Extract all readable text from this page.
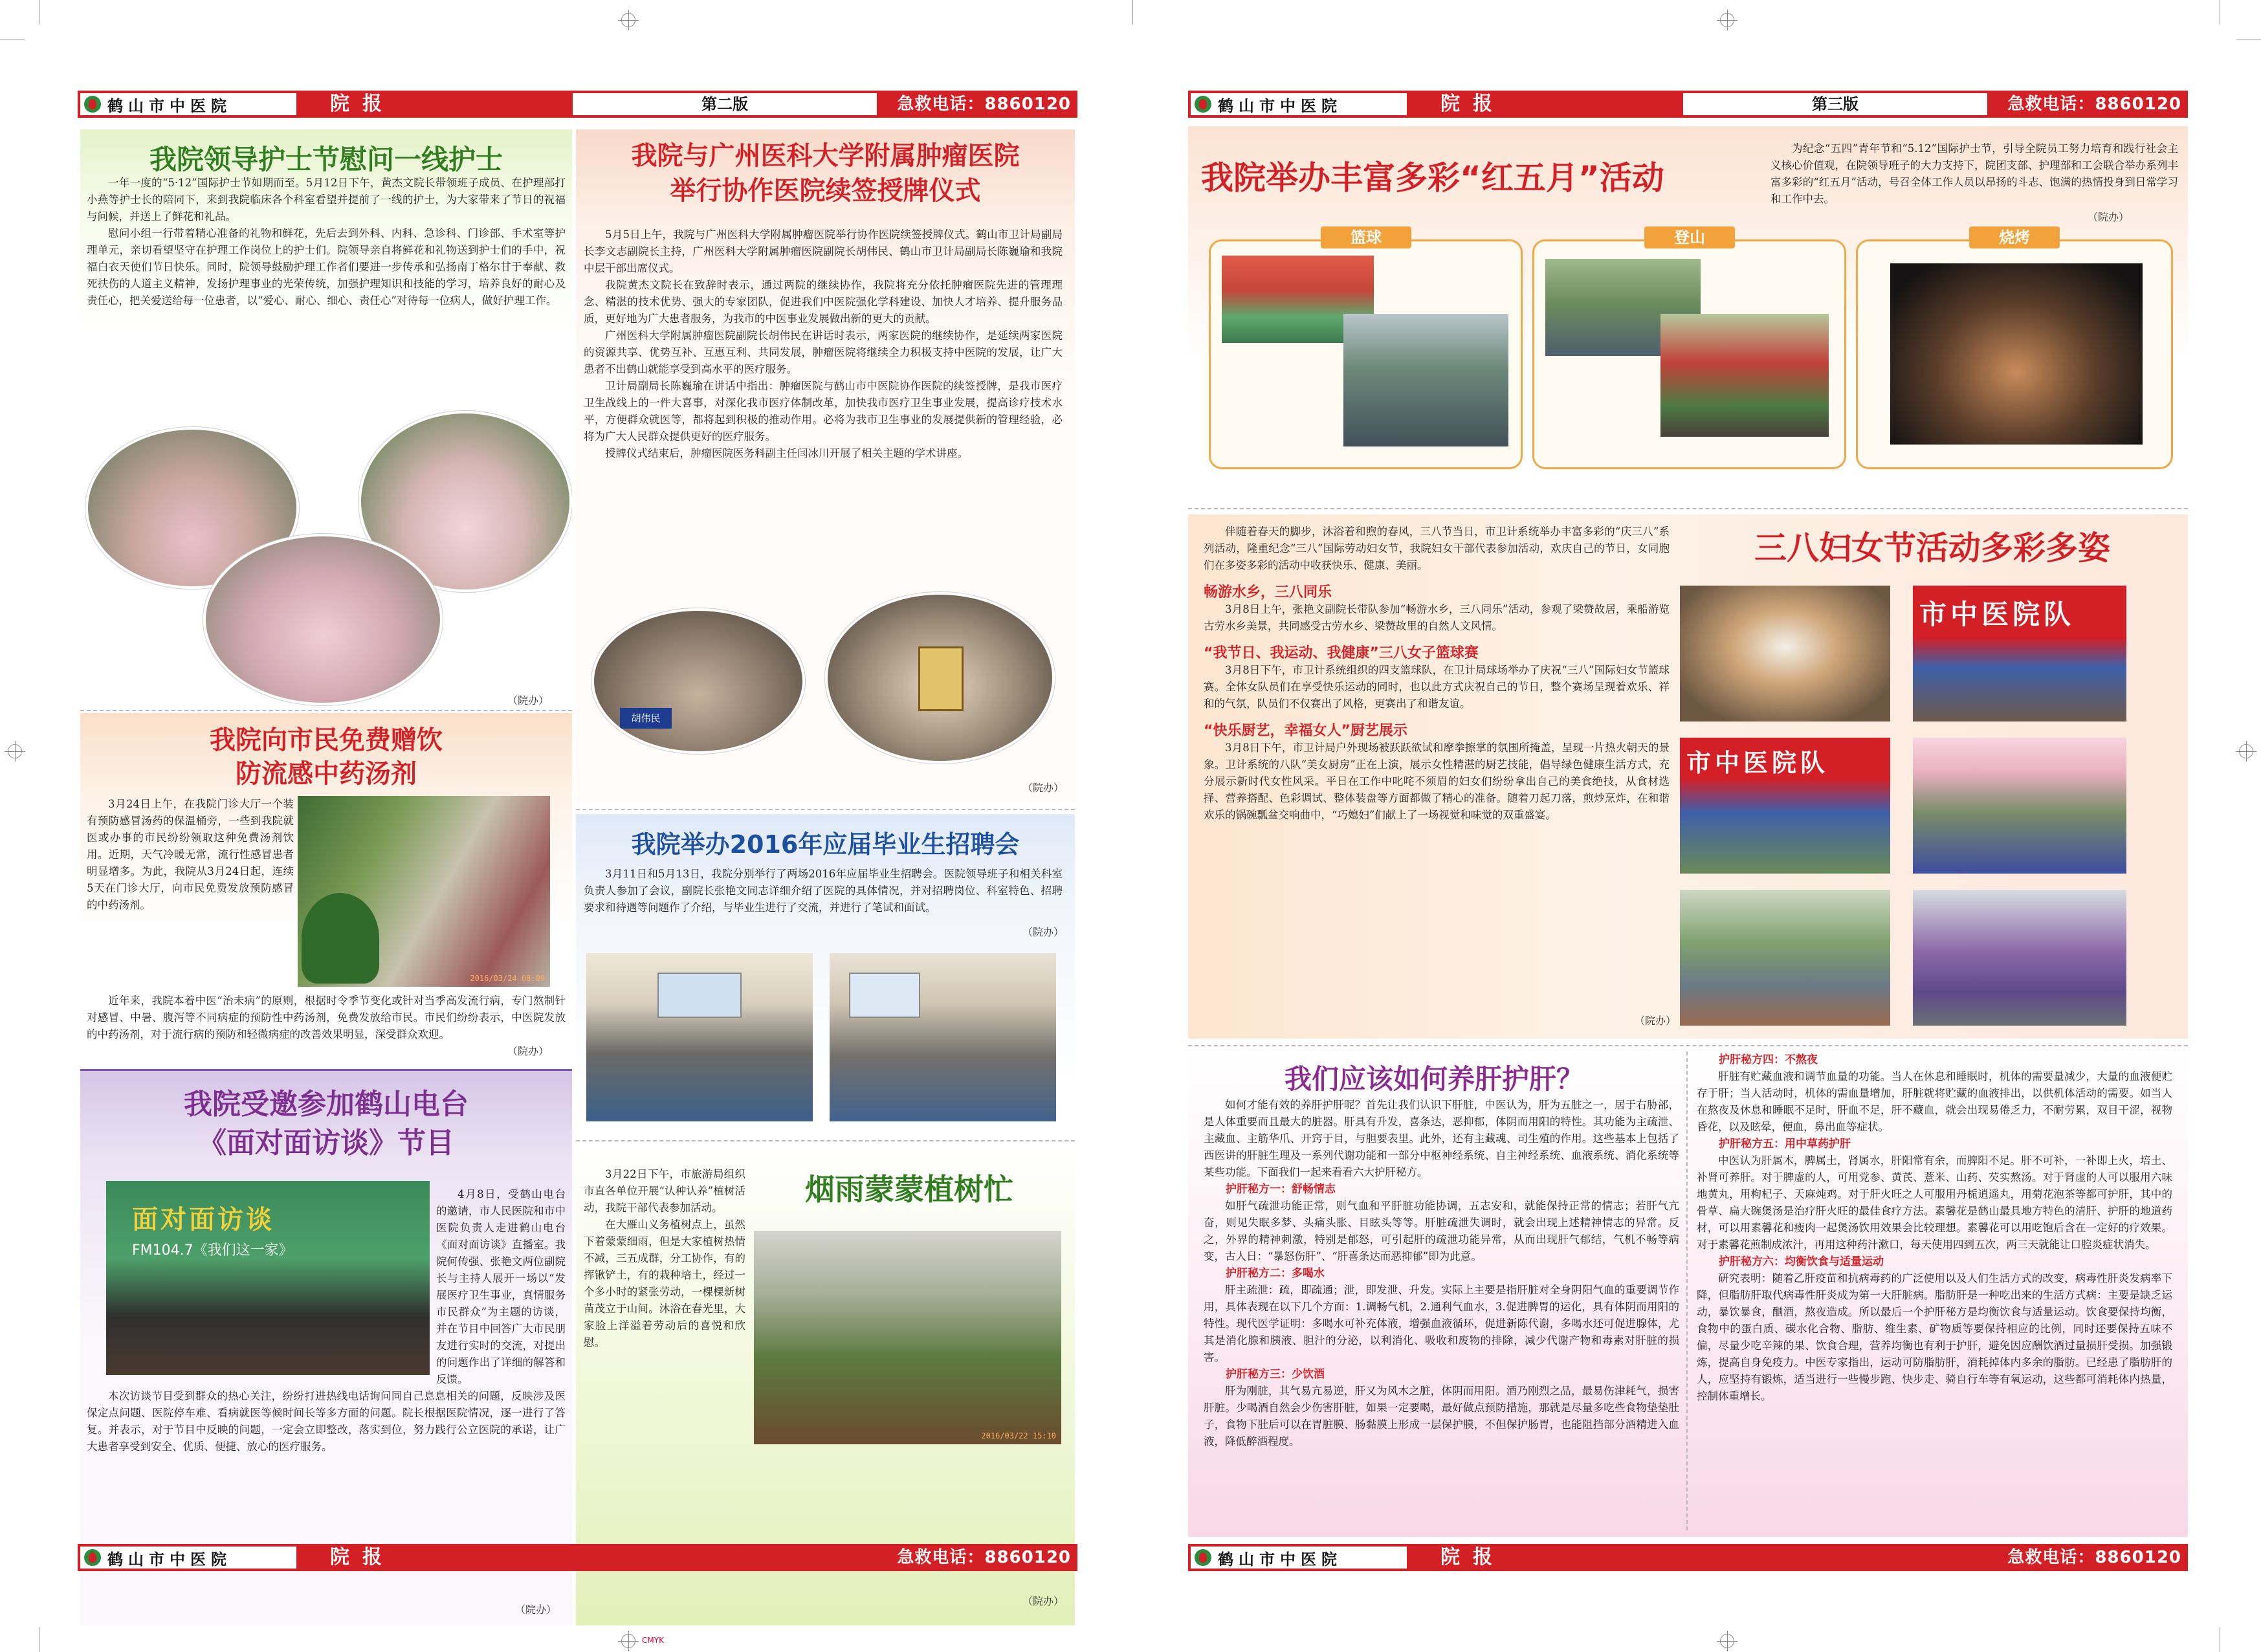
CMYK
鹤山市中医院	院报	第二版	急救电话：8860120
我院领导护士节慰问一线护士

一年一度的“5·12”国际护士节如期而至。5月12日下午，黄杰文院长带领班子成员、在护理部打小燕等护士长的陪同下，来到我院临床各个科室看望并提前了一线的护士，为大家带来了节日的祝福与问候，并送上了鲜花和礼品。

慰问小组一行带着精心准备的礼物和鲜花，先后去到外科、内科、急诊科、门诊部、手术室等护理单元，亲切看望坚守在护理工作岗位上的护士们。院领导亲自将鲜花和礼物送到护士们的手中，祝福白衣天使们节日快乐。同时，院领导鼓励护理工作者们要进一步传承和弘扬南丁格尔甘于奉献、救死扶伤的人道主义精神，发扬护理事业的光荣传统，加强护理知识和技能的学习，培养良好的耐心及责任心，把关爱送给每一位患者，以“爱心、耐心、细心、责任心”对待每一位病人，做好护理工作。

（院办）
我院与广州医科大学附属肿瘤医院
举行协作医院续签授牌仪式

5月5日上午，我院与广州医科大学附属肿瘤医院举行协作医院续签授牌仪式。鹤山市卫计局副局长李文志副院长主持，广州医科大学附属肿瘤医院副院长胡伟民、鹤山市卫计局副局长陈巍瑜和我院中层干部出席仪式。

我院黄杰文院长在致辞时表示，通过两院的继续协作，我院将充分依托肿瘤医院先进的管理理念、精湛的技术优势、强大的专家团队，促进我们中医院强化学科建设、加快人才培养、提升服务品质，更好地为广大患者服务，为我市的中医事业发展做出新的更大的贡献。

广州医科大学附属肿瘤医院副院长胡伟民在讲话时表示，两家医院的继续协作，是延续两家医院的资源共享、优势互补、互惠互利、共同发展，肿瘤医院将继续全力积极支持中医院的发展，让广大患者不出鹤山就能享受到高水平的医疗服务。

卫计局副局长陈巍瑜在讲话中指出：肿瘤医院与鹤山市中医院协作医院的续签授牌，是我市医疗卫生战线上的一件大喜事，对深化我市医疗体制改革，加快我市医疗卫生事业发展，提高诊疗技术水平，方便群众就医等，都将起到积极的推动作用。必将为我市卫生事业的发展提供新的管理经验，必将为广大人民群众提供更好的医疗服务。

授牌仪式结束后，肿瘤医院医务科副主任闫冰川开展了相关主题的学术讲座。

胡伟民
（院办）
我院向市民免费赠饮
防流感中药汤剂

3月24日上午，在我院门诊大厅一个装有预防感冒汤药的保温桶旁，一些到我院就医或办事的市民纷纷领取这种免费汤剂饮用。近期，天气冷暖无常，流行性感冒患者明显增多。为此，我院从3月24日起，连续5天在门诊大厅，向市民免费发放预防感冒的中药汤剂。

2016/03/24 08:09

近年来，我院本着中医“治未病”的原则，根据时令季节变化或针对当季高发流行病，专门熬制针对感冒、中暑、腹泻等不同病症的预防性中药汤剂，免费发放给市民。市民们纷纷表示，中医院发放的中药汤剂，对于流行病的预防和轻微病症的改善效果明显，深受群众欢迎。

（院办）
我院举办2016年应届毕业生招聘会

3月11日和5月13日，我院分别举行了两场2016年应届毕业生招聘会。医院领导班子和相关科室负责人参加了会议，副院长张艳文同志详细介绍了医院的具体情况，并对招聘岗位、科室特色、招聘要求和待遇等问题作了介绍，与毕业生进行了交流，并进行了笔试和面试。

（院办）
我院受邀参加鹤山电台
《面对面访谈》节目
面对面访谈
FM104.7《我们这一家》

4月8日，受鹤山电台的邀请，市人民医院和市中医院负责人走进鹤山电台《面对面访谈》直播室。我院何传强、张艳文两位副院长与主持人展开一场以“发展医疗卫生事业，真情服务市民群众”为主题的访谈，并在节目中回答广大市民朋友进行实时的交流，对提出的问题作出了详细的解答和反馈。

本次访谈节目受到群众的热心关注，纷纷打进热线电话询问同自己息息相关的问题，反映涉及医保定点问题、医院停车难、看病就医等候时间长等多方面的问题。院长根据医院情况，逐一进行了答复。并表示，对于节目中反映的问题，一定会立即整改，落实到位，努力践行公立医院的承诺，让广大患者享受到安全、优质、便捷、放心的医疗服务。

（院办）

3月22日下午，市旅游局组织市直各单位开展“认种认养”植树活动，我院干部代表参加活动。

在大雁山义务植树点上，虽然下着蒙蒙细雨，但是大家植树热情不减，三五成群，分工协作，有的挥锹铲土，有的栽种培土，经过一个多小时的紧张劳动，一棵棵新树苗茂立于山间。沐浴在春光里，大家脸上洋溢着劳动后的喜悦和欣慰。

烟雨蒙蒙植树忙
2016/03/22 15:10
（院办）
鹤山市中医院	院报	急救电话：8860120
鹤山市中医院	院报	第三版	急救电话：8860120
我院举办丰富多彩“红五月”活动

为纪念“五四”青年节和“5.12”国际护士节，引导全院员工努力培育和践行社会主义核心价值观，在院领导班子的大力支持下，院团支部、护理部和工会联合举办系列丰富多彩的“红五月”活动，号召全体工作人员以昂扬的斗志、饱满的热情投身到日常学习和工作中去。

（院办）
篮球	登山	烧烤
三八妇女节活动多彩多姿

伴随着春天的脚步，沐浴着和煦的春风，三八节当日，市卫计系统举办丰富多彩的“庆三八”系列活动，隆重纪念“三八”国际劳动妇女节，我院妇女干部代表参加活动，欢庆自己的节日，女同胞们在多姿多彩的活动中收获快乐、健康、美丽。

畅游水乡，三八同乐

3月8日上午，张艳文副院长带队参加“畅游水乡，三八同乐”活动，参观了梁赞故居，乘船游览古劳水乡美景，共同感受古劳水乡、梁赞故里的自然人文风情。

“我节日、我运动、我健康”三八女子篮球赛

3月8日下午，市卫计系统组织的四支篮球队，在卫计局球场举办了庆祝“三八”国际妇女节篮球赛。全体女队员们在享受快乐运动的同时，也以此方式庆祝自己的节日，整个赛场呈现着欢乐、祥和的气氛，队员们不仅赛出了风格，更赛出了和谐友谊。

“快乐厨艺，幸福女人”厨艺展示

3月8日下午，市卫计局户外现场被跃跃欲试和摩拳擦掌的氛围所掩盖，呈现一片热火朝天的景象。卫计系统的八队“美女厨房”正在上演，展示女性精湛的厨艺技能，倡导绿色健康生活方式，充分展示新时代女性风采。平日在工作中叱咤不须眉的妇女们纷纷拿出自己的美食绝技，从食材选择、营养搭配、色彩调试、整体装盘等方面都做了精心的准备。随着刀起刀落，煎炒烹炸，在和谐欢乐的锅碗瓢盆交响曲中，“巧媳妇”们献上了一场视觉和味觉的双重盛宴。

（院办）
市中医院队
市中医院队
我们应该如何养肝护肝？

如何才能有效的养肝护肝呢？首先让我们认识下肝脏，中医认为，肝为五脏之一，居于右胁部，是人体重要而且最大的脏器。肝具有升发，喜条达，恶抑郁，体阴而用阳的特性。其功能为主疏泄、主藏血、主筋华爪、开窍于目，与胆要表里。此外，还有主藏魂、司生殖的作用。这些基本上包括了西医讲的肝脏生理及一系列代谢功能和一部分中枢神经系统、自主神经系统、血液系统、消化系统等某些功能。下面我们一起来看看六大护肝秘方。

护肝秘方一：舒畅情志

如肝气疏泄功能正常，则气血和平肝脏功能协调，五志安和，就能保持正常的情志；若肝气亢奋，则见失眠多梦、头痛头胀、目眩头等等。肝脏疏泄失调时，就会出现上述精神情志的异常。反之，外界的精神刺激，特别是郁怒，可引起肝的疏泄功能异常，从而出现肝气郁结，气机不畅等病变，古人日：“暴怒伤肝”、“肝喜条达而恶抑郁”即为此意。

护肝秘方二：多喝水

肝主疏泄：疏，即疏通；泄，即发泄、升发。实际上主要是指肝脏对全身阴阳气血的重要调节作用，具体表现在以下几个方面：1.调畅气机，2.通利气血水，3.促进脾胃的运化，具有体阴而用阳的特性。现代医学证明：多喝水可补充体液，增强血液循环，促进新陈代谢，多喝水还可促进腺体，尤其是消化腺和胰液、胆汁的分泌，以利消化、吸收和废物的排除，减少代谢产物和毒素对肝脏的损害。

护肝秘方三：少饮酒

肝为刚脏，其气易亢易逆，肝又为风木之脏，体阴而用阳。酒乃刚烈之品，最易伤津耗气，损害肝脏。少喝酒自然会少伤害肝脏，如果一定要喝，最好做点预防措施，那就是尽量多吃些食物垫垫肚子，食物下肚后可以在胃脏膜、肠黏膜上形成一层保护膜，不但保护肠胃，也能阻挡部分酒精进入血液，降低醉酒程度。

护肝秘方四：不熬夜

肝脏有贮藏血液和调节血量的功能。当人在休息和睡眠时，机体的需要量减少，大量的血液便贮存于肝；当人活动时，机体的需血量增加，肝脏就将贮藏的血液排出，以供机体活动的需要。如当人在熬夜及休息和睡眠不足时，肝血不足，肝不藏血，就会出现易倦乏力，不耐劳累，双目干涩，视物昏花，以及眩晕，便血，鼻出血等症状。

护肝秘方五：用中草药护肝

中医认为肝属木，脾属土，肾属水，肝阳常有余，而脾阳不足。肝不可补，一补即上火，培土、补肾可养肝。对于脾虚的人，可用党参、黄芪、薏米、山药、芡实熬汤。对于肾虚的人可以服用六味地黄丸，用枸杞子、天麻炖鸡。对于肝火旺之人可服用丹栀逍遥丸，用菊花泡茶等都可护肝，其中的骨草、扁大碗煲汤是治疗肝火旺的最佳食疗方法。素馨花是鹤山最具地方特色的清肝、护肝的地道药材，可以用素馨花和瘦肉一起煲汤饮用效果会比较理想。素馨花可以用吃饱后含在一定好的疗效果。对于素馨花煎制成浓汁，再用这种药汁漱口，每天使用四到五次，两三天就能让口腔炎症状消失。

护肝秘方六：均衡饮食与适量运动

研究表明：随着乙肝疫苗和抗病毒药的广泛使用以及人们生活方式的改变，病毒性肝炎发病率下降，但脂肪肝取代病毒性肝炎成为第一大肝脏病。脂肪肝是一种吃出来的生活方式病：主要是缺乏运动，暴饮暴食，酗酒，熬夜造成。所以最后一个护肝秘方是均衡饮食与适量运动。饮食要保持均衡，食物中的蛋白质、碳水化合物、脂肪、维生素、矿物质等要保持相应的比例，同时还要保持五味不偏，尽量少吃辛辣的果、饮食合理，营养均衡也有利于护肝，避免因应酬饮酒过量损肝受损。加强锻炼，提高自身免疫力。中医专家指出，运动可防脂肪肝，消耗掉体内多余的脂肪。已经患了脂肪肝的人，应坚持有锻炼，适当进行一些慢步跑、快步走、骑自行车等有氧运动，这些都可消耗体内热量，控制体重增长。

鹤山市中医院	院报	急救电话：8860120
